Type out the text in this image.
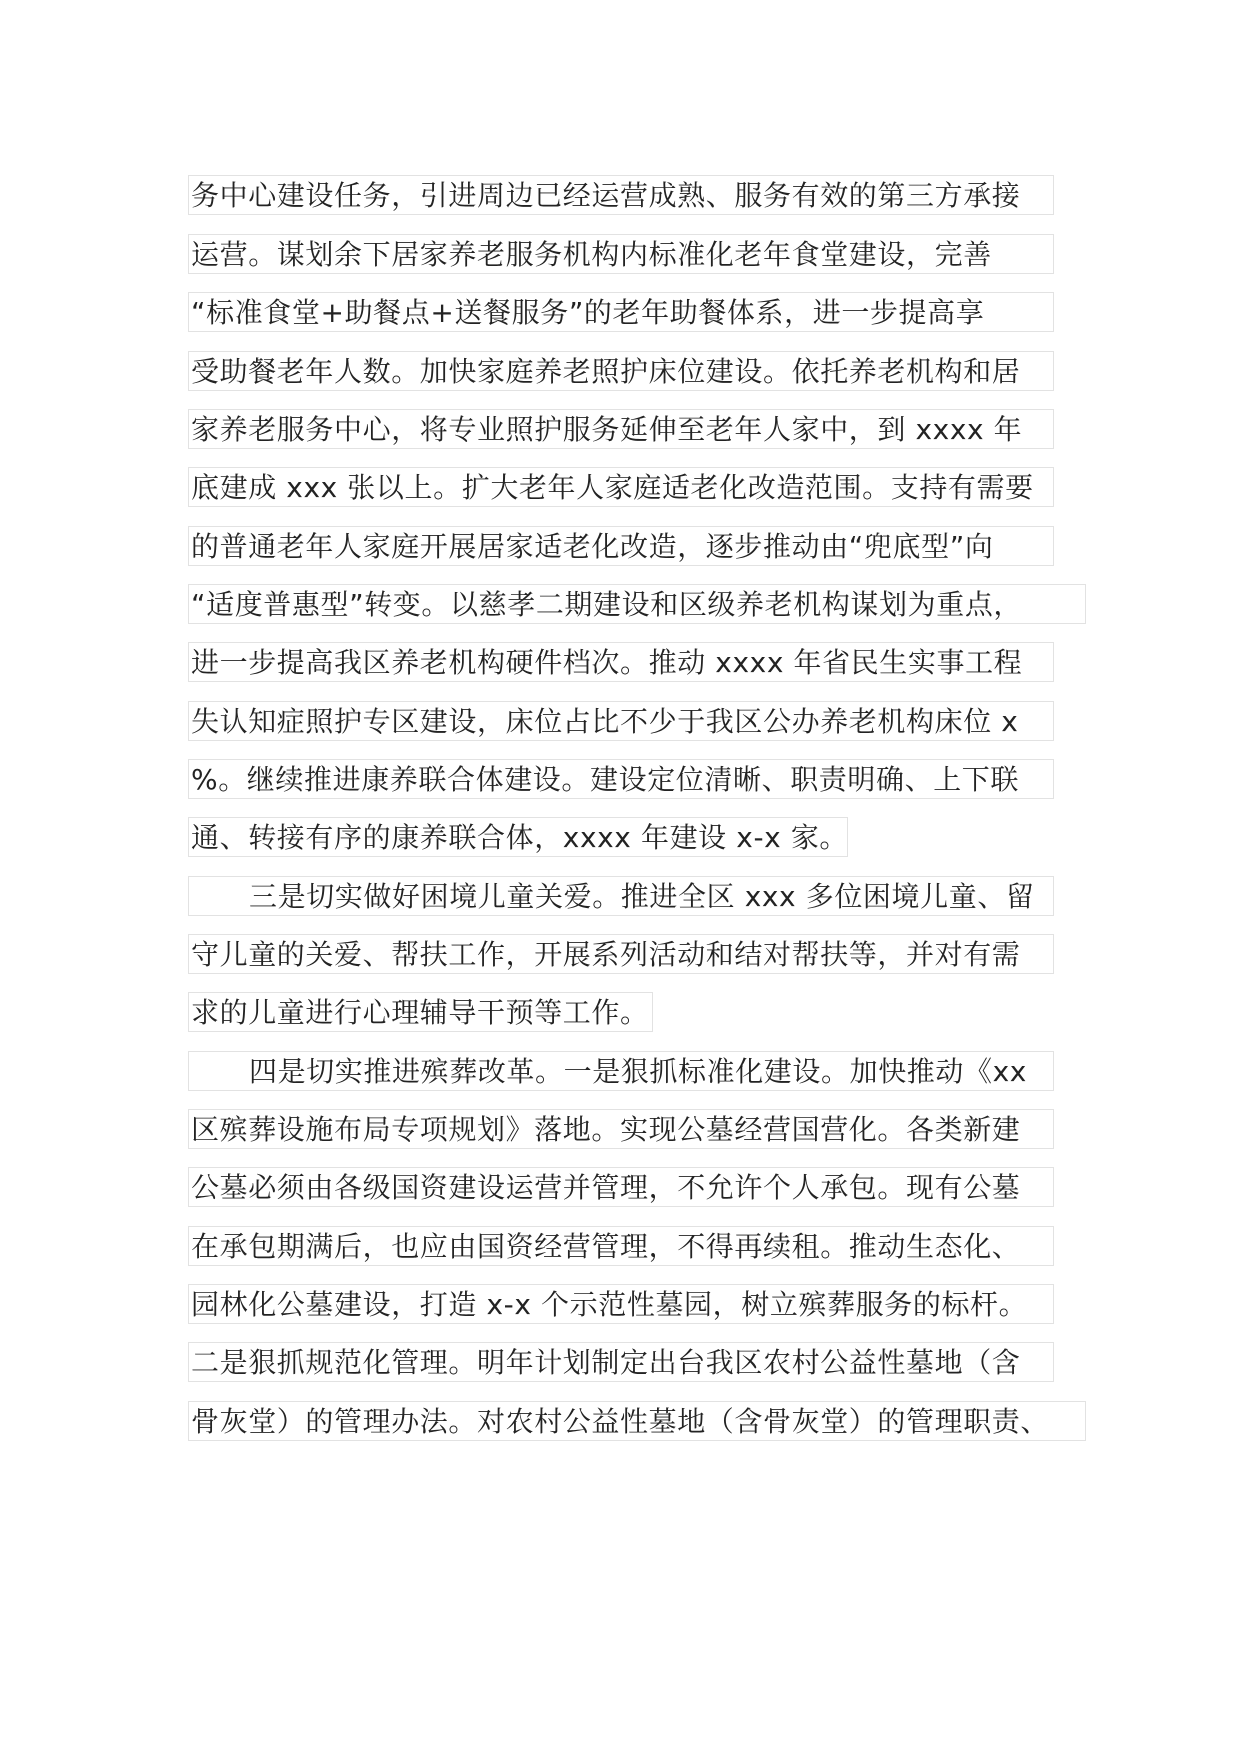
务中心建设任务，引进周边已经运营成熟、服务有效的第三方承接
运营。谋划余下居家养老服务机构内标准化老年食堂建设，完善
“标准食堂+助餐点+送餐服务”的老年助餐体系，进一步提高享
受助餐老年人数。加快家庭养老照护床位建设。依托养老机构和居
家养老服务中心，将专业照护服务延伸至老年人家中，到 xxxx 年
底建成 xxx 张以上。扩大老年人家庭适老化改造范围。支持有需要
的普通老年人家庭开展居家适老化改造，逐步推动由“兜底型”向
“适度普惠型”转变。以慈孝二期建设和区级养老机构谋划为重点，
进一步提高我区养老机构硬件档次。推动 xxxx 年省民生实事工程
失认知症照护专区建设，床位占比不少于我区公办养老机构床位 x
%。继续推进康养联合体建设。建设定位清晰、职责明确、上下联
通、转接有序的康养联合体，xxxx 年建设 x-x 家。
三是切实做好困境儿童关爱。推进全区 xxx 多位困境儿童、留
守儿童的关爱、帮扶工作，开展系列活动和结对帮扶等，并对有需
求的儿童进行心理辅导干预等工作。
四是切实推进殡葬改革。一是狠抓标准化建设。加快推动《xx
区殡葬设施布局专项规划》落地。实现公墓经营国营化。各类新建
公墓必须由各级国资建设运营并管理，不允许个人承包。现有公墓
在承包期满后，也应由国资经营管理，不得再续租。推动生态化、
园林化公墓建设，打造 x-x 个示范性墓园，树立殡葬服务的标杆。
二是狠抓规范化管理。明年计划制定出台我区农村公益性墓地（含
骨灰堂）的管理办法。对农村公益性墓地（含骨灰堂）的管理职责、
